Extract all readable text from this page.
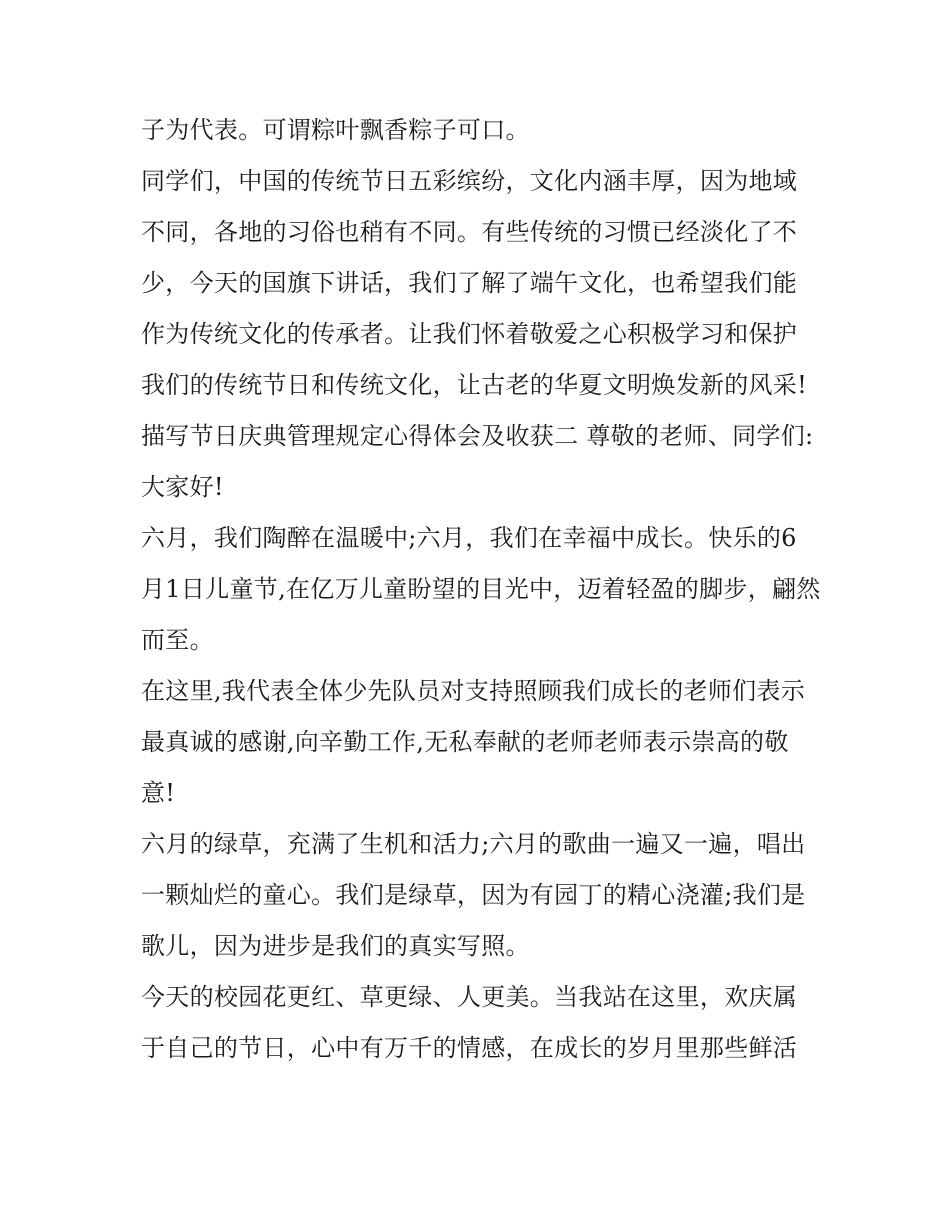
子为代表。可谓粽叶飘香粽子可口。

同学们，中国的传统节日五彩缤纷，文化内涵丰厚，因为地域不同，各地的习俗也稍有不同。有些传统的习惯已经淡化了不少，今天的国旗下讲话，我们了解了端午文化，也希望我们能作为传统文化的传承者。让我们怀着敬爱之心积极学习和保护我们的传统节日和传统文化，让古老的华夏文明焕发新的风采!

描写节日庆典管理规定心得体会及收获二 尊敬的老师、同学们: 大家好!

六月，我们陶醉在温暖中;六月，我们在幸福中成长。快乐的6月1日儿童节,在亿万儿童盼望的目光中，迈着轻盈的脚步，翩然而至。

在这里,我代表全体少先队员对支持照顾我们成长的老师们表示最真诚的感谢,向辛勤工作,无私奉献的老师老师表示崇高的敬意!

六月的绿草，充满了生机和活力;六月的歌曲一遍又一遍，唱出一颗灿烂的童心。我们是绿草，因为有园丁的精心浇灌;我们是歌儿，因为进步是我们的真实写照。

今天的校园花更红、草更绿、人更美。当我站在这里，欢庆属于自己的节日，心中有万千的情感，在成长的岁月里那些鲜活
